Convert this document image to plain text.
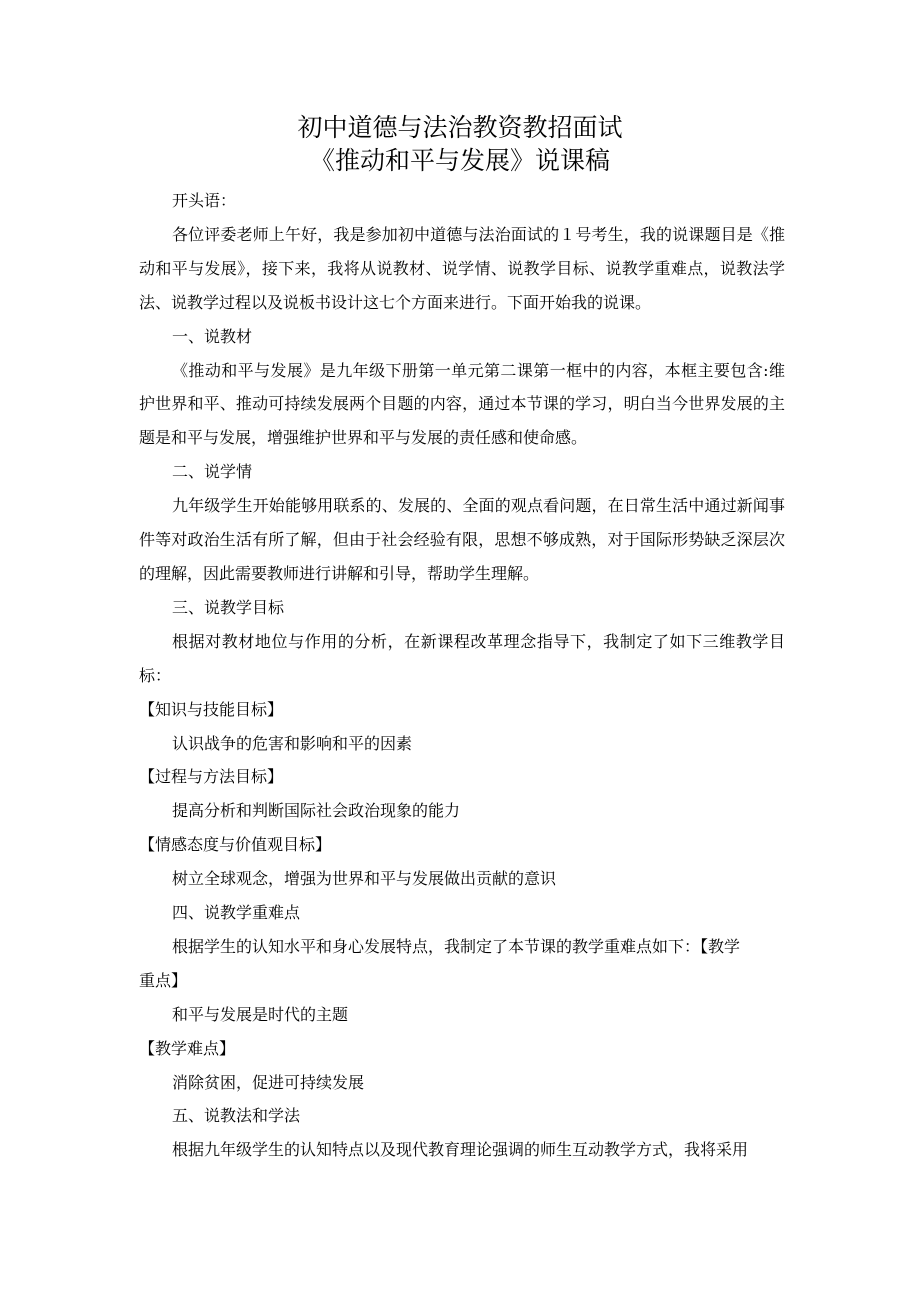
初中道德与法治教资教招面试
《推动和平与发展》说课稿

开头语：

各位评委老师上午好，我是参加初中道德与法治面试的１号考生，我的说课题目是《推动和平与发展》，接下来，我将从说教材、说学情、说教学目标、说教学重难点，说教法学法、说教学过程以及说板书设计这七个方面来进行。下面开始我的说课。

一、说教材

《推动和平与发展》是九年级下册第一单元第二课第一框中的内容，本框主要包含:维护世界和平、推动可持续发展两个目题的内容，通过本节课的学习，明白当今世界发展的主题是和平与发展，增强维护世界和平与发展的责任感和使命感。

二、说学情

九年级学生开始能够用联系的、发展的、全面的观点看问题，在日常生活中通过新闻事件等对政治生活有所了解，但由于社会经验有限，思想不够成熟，对于国际形势缺乏深层次的理解，因此需要教师进行讲解和引导，帮助学生理解。

三、说教学目标

根据对教材地位与作用的分析，在新课程改革理念指导下，我制定了如下三维教学目标：

【知识与技能目标】

认识战争的危害和影响和平的因素

【过程与方法目标】

提高分析和判断国际社会政治现象的能力

【情感态度与价值观目标】

树立全球观念，增强为世界和平与发展做出贡献的意识

四、说教学重难点

根据学生的认知水平和身心发展特点，我制定了本节课的教学重难点如下：【教学

重点】

和平与发展是时代的主题

【教学难点】

消除贫困，促进可持续发展

五、说教法和学法

根据九年级学生的认知特点以及现代教育理论强调的师生互动教学方式，我将采用
